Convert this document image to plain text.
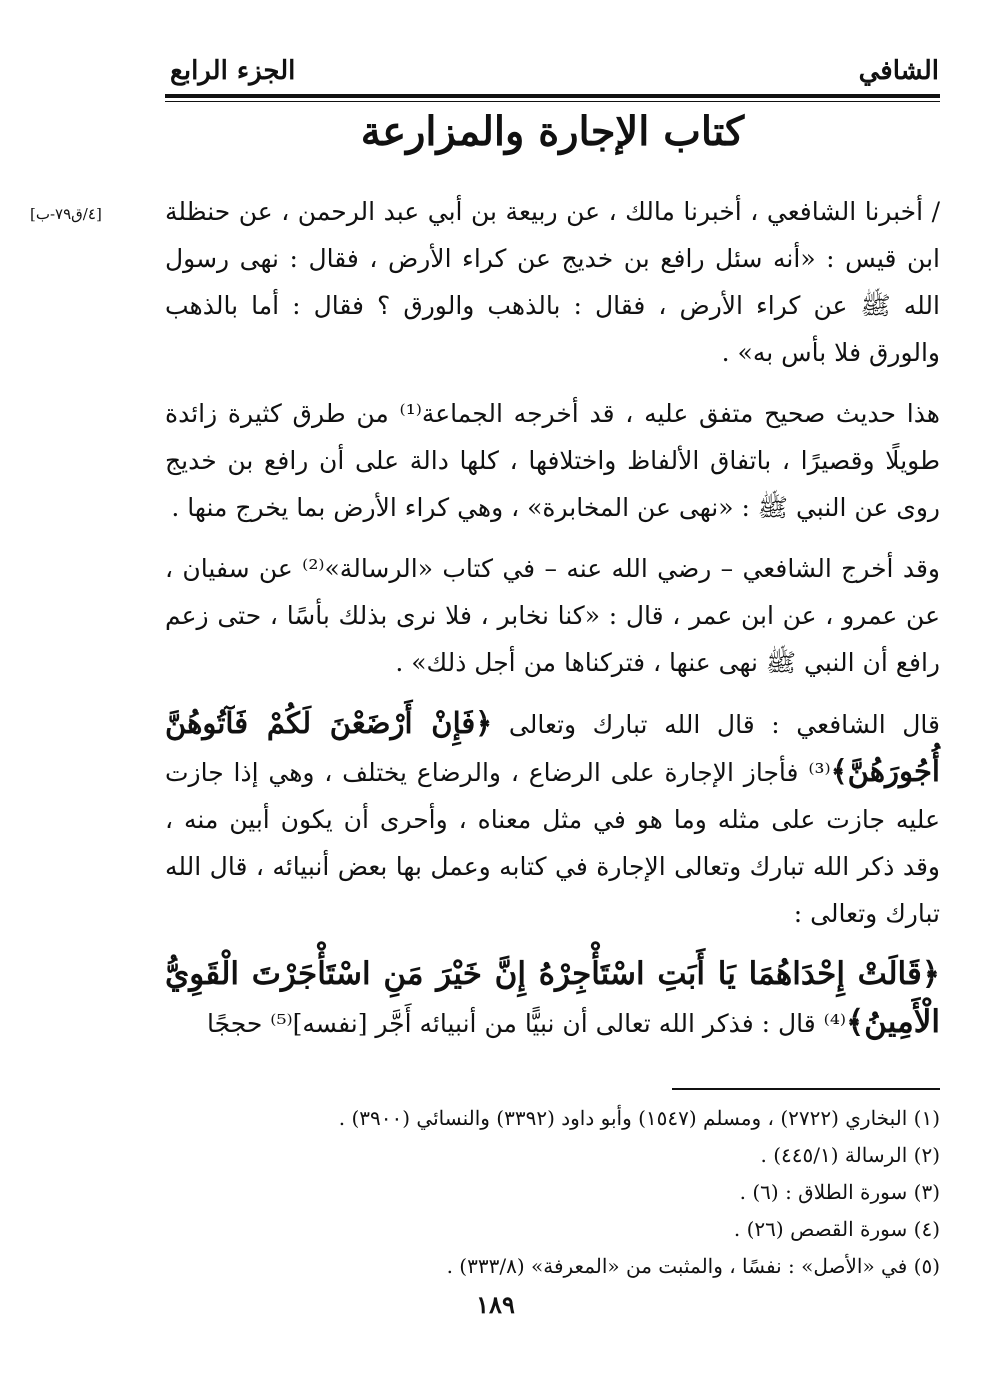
الشافي
الجزء الرابع
كتاب الإجارة والمزارعة
[٤/ق٧٩-ب]	/ أخبرنا الشافعي ، أخبرنا مالك ، عن ربيعة بن أبي عبد الرحمن ، عن حنظلة ابن قيس : «أنه سئل رافع بن خديج عن كراء الأرض ، فقال : نهى رسول الله ﷺ عن كراء الأرض ، فقال : بالذهب والورق ؟ فقال : أما بالذهب والورق فلا بأس به» .

هذا حديث صحيح متفق عليه ، قد أخرجه الجماعة⁽¹⁾ من طرق كثيرة زائدة طويلًا وقصيرًا ، باتفاق الألفاظ واختلافها ، كلها دالة على أن رافع بن خديج روى عن النبي ﷺ : «نهى عن المخابرة» ، وهي كراء الأرض بما يخرج منها .

وقد أخرج الشافعي – رضي الله عنه – في كتاب «الرسالة»⁽²⁾ عن سفيان ، عن عمرو ، عن ابن عمر ، قال : «كنا نخابر ، فلا نرى بذلك بأسًا ، حتى زعم رافع أن النبي ﷺ نهى عنها ، فتركناها من أجل ذلك» .

قال الشافعي : قال الله تبارك وتعالى ﴿فَإِنْ أَرْضَعْنَ لَكُمْ فَآتُوهُنَّ أُجُورَهُنَّ﴾⁽³⁾ فأجاز الإجارة على الرضاع ، والرضاع يختلف ، وهي إذا جازت عليه جازت على مثله وما هو في مثل معناه ، وأحرى أن يكون أبين منه ، وقد ذكر الله تبارك وتعالى الإجارة في كتابه وعمل بها بعض أنبيائه ، قال الله تبارك وتعالى :

﴿قَالَتْ إِحْدَاهُمَا يَا أَبَتِ اسْتَأْجِرْهُ إِنَّ خَيْرَ مَنِ اسْتَأْجَرْتَ الْقَوِيُّ الْأَمِينُ﴾⁽⁴⁾ قال : فذكر الله تعالى أن نبيًّا من أنبيائه أَجَّر [نفسه]⁽⁵⁾ حججًا

(١) البخاري (٢٧٢٢) ، ومسلم (١٥٤٧) وأبو داود (٣٣٩٢) والنسائي (٣٩٠٠) .
(٢) الرسالة (٤٤٥/١) .
(٣) سورة الطلاق : (٦) .
(٤) سورة القصص (٢٦) .
(٥) في «الأصل» : نفسًا ، والمثبت من «المعرفة» (٣٣٣/٨) .
١٨٩
